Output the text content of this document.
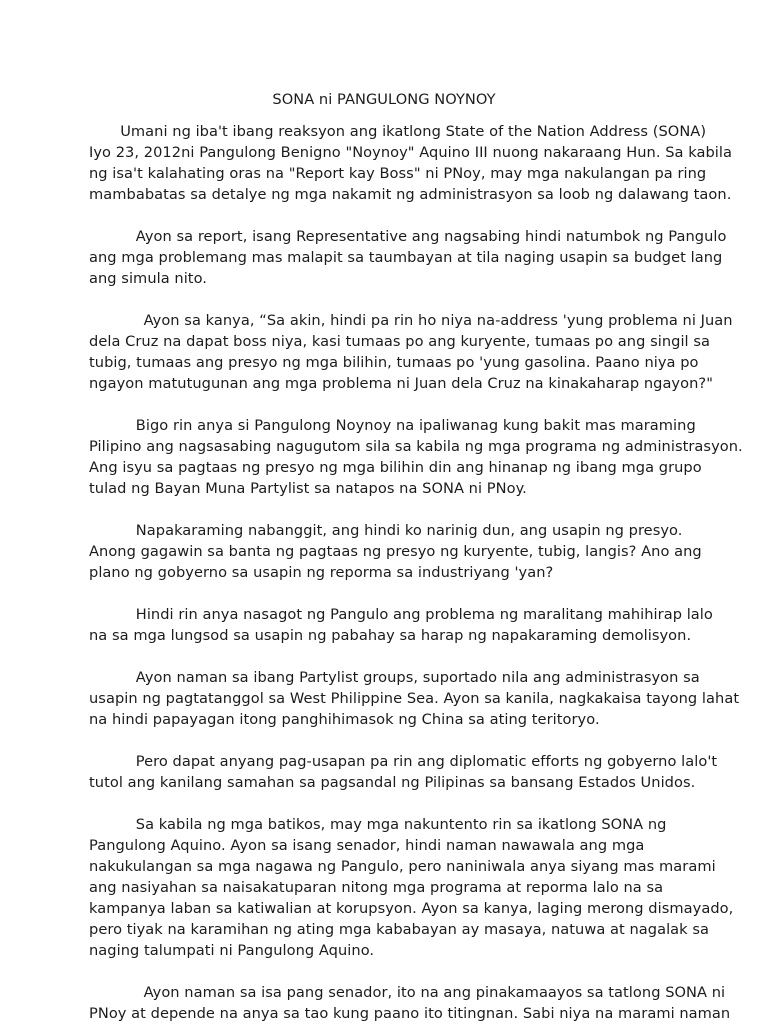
SONA ni PANGULONG NOYNOY
Umani ng iba't ibang reaksyon ang ikatlong State of the Nation Address (SONA)
Iyo 23, 2012ni Pangulong Benigno "Noynoy" Aquino III nuong nakaraang Hun. Sa kabila
ng isa't kalahating oras na "Report kay Boss" ni PNoy, may mga nakulangan pa ring
mambabatas sa detalye ng mga nakamit ng administrasyon sa loob ng dalawang taon.
Ayon sa report, isang Representative ang nagsabing hindi natumbok ng Pangulo
ang mga problemang mas malapit sa taumbayan at tila naging usapin sa budget lang
ang simula nito.
Ayon sa kanya, “Sa akin, hindi pa rin ho niya na-address 'yung problema ni Juan
dela Cruz na dapat boss niya, kasi tumaas po ang kuryente, tumaas po ang singil sa
tubig, tumaas ang presyo ng mga bilihin, tumaas po 'yung gasolina. Paano niya po
ngayon matutugunan ang mga problema ni Juan dela Cruz na kinakaharap ngayon?"
Bigo rin anya si Pangulong Noynoy na ipaliwanag kung bakit mas maraming
Pilipino ang nagsasabing nagugutom sila sa kabila ng mga programa ng administrasyon.
Ang isyu sa pagtaas ng presyo ng mga bilihin din ang hinanap ng ibang mga grupo
tulad ng Bayan Muna Partylist sa natapos na SONA ni PNoy.
Napakaraming nabanggit, ang hindi ko narinig dun, ang usapin ng presyo.
Anong gagawin sa banta ng pagtaas ng presyo ng kuryente, tubig, langis? Ano ang
plano ng gobyerno sa usapin ng reporma sa industriyang 'yan?
Hindi rin anya nasagot ng Pangulo ang problema ng maralitang mahihirap lalo
na sa mga lungsod sa usapin ng pabahay sa harap ng napakaraming demolisyon.
Ayon naman sa ibang Partylist groups, suportado nila ang administrasyon sa
usapin ng pagtatanggol sa West Philippine Sea. Ayon sa kanila, nagkakaisa tayong lahat
na hindi papayagan itong panghihimasok ng China sa ating teritoryo.
Pero dapat anyang pag-usapan pa rin ang diplomatic efforts ng gobyerno lalo't
tutol ang kanilang samahan sa pagsandal ng Pilipinas sa bansang Estados Unidos.
Sa kabila ng mga batikos, may mga nakuntento rin sa ikatlong SONA ng
Pangulong Aquino. Ayon sa isang senador, hindi naman nawawala ang mga
nakukulangan sa mga nagawa ng Pangulo, pero naniniwala anya siyang mas marami
ang nasiyahan sa naisakatuparan nitong mga programa at reporma lalo na sa
kampanya laban sa katiwalian at korupsyon. Ayon sa kanya, laging merong dismayado,
pero tiyak na karamihan ng ating mga kababayan ay masaya, natuwa at nagalak sa
naging talumpati ni Pangulong Aquino.
Ayon naman sa isa pang senador, ito na ang pinakamaayos sa tatlong SONA ni
PNoy at depende na anya sa tao kung paano ito titingnan. Sabi niya na marami naman
